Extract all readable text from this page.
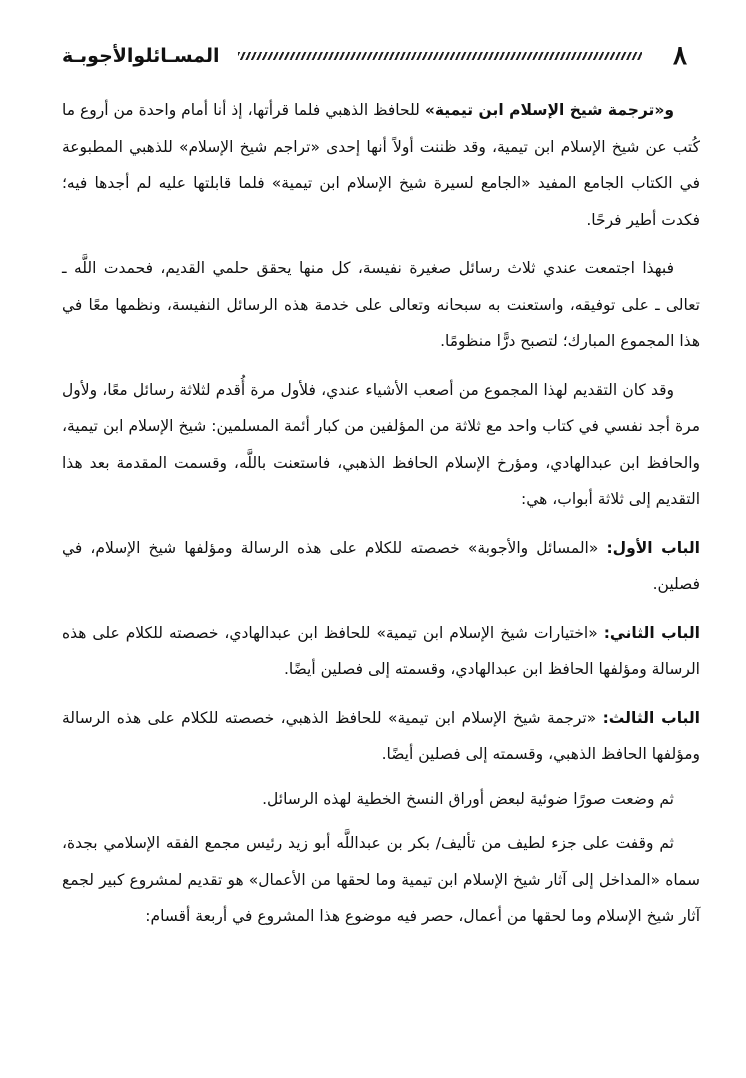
٨
المسـائلوالأجوبـة

و«ترجمة شيخ الإسلام ابن تيمية» للحافظ الذهبي فلما قرأتها، إذ أنا أمام واحدة من أروع ما كُتب عن شيخ الإسلام ابن تيمية، وقد ظننت أولاً أنها إحدى «تراجم شيخ الإسلام» للذهبي المطبوعة في الكتاب الجامع المفيد «الجامع لسيرة شيخ الإسلام ابن تيمية» فلما قابلتها عليه لم أجدها فيه؛ فكدت أطير فرحًا.

فبهذا اجتمعت عندي ثلاث رسائل صغيرة نفيسة، كل منها يحقق حلمي القديم، فحمدت اللَّه ـ تعالى ـ على توفيقه، واستعنت به سبحانه وتعالى على خدمة هذه الرسائل النفيسة، ونظمها معًا في هذا المجموع المبارك؛ لتصبح درًّا منظومًا.

وقد كان التقديم لهذا المجموع من أصعب الأشياء عندي، فلأول مرة أُقدم لثلاثة رسائل معًا، ولأول مرة أجد نفسي في كتاب واحد مع ثلاثة من المؤلفين من كبار أئمة المسلمين: شيخ الإسلام ابن تيمية، والحافظ ابن عبدالهادي، ومؤرخ الإسلام الحافظ الذهبي، فاستعنت باللَّه، وقسمت المقدمة بعد هذا التقديم إلى ثلاثة أبواب، هي:

الباب الأول: «المسائل والأجوبة» خصصته للكلام على هذه الرسالة ومؤلفها شيخ الإسلام، في فصلين.

الباب الثاني: «اختيارات شيخ الإسلام ابن تيمية» للحافظ ابن عبدالهادي، خصصته للكلام على هذه الرسالة ومؤلفها الحافظ ابن عبدالهادي، وقسمته إلى فصلين أيضًا.

الباب الثالث: «ترجمة شيخ الإسلام ابن تيمية» للحافظ الذهبي، خصصته للكلام على هذه الرسالة ومؤلفها الحافظ الذهبي، وقسمته إلى فصلين أيضًا.

ثم وضعت صورًا ضوئية لبعض أوراق النسخ الخطية لهذه الرسائل.

ثم وقفت على جزء لطيف من تأليف/ بكر بن عبداللَّه أبو زيد رئيس مجمع الفقه الإسلامي بجدة، سماه «المداخل إلى آثار شيخ الإسلام ابن تيمية وما لحقها من الأعمال» هو تقديم لمشروع كبير لجمع آثار شيخ الإسلام وما لحقها من أعمال، حصر فيه موضوع هذا المشروع في أربعة أقسام:
